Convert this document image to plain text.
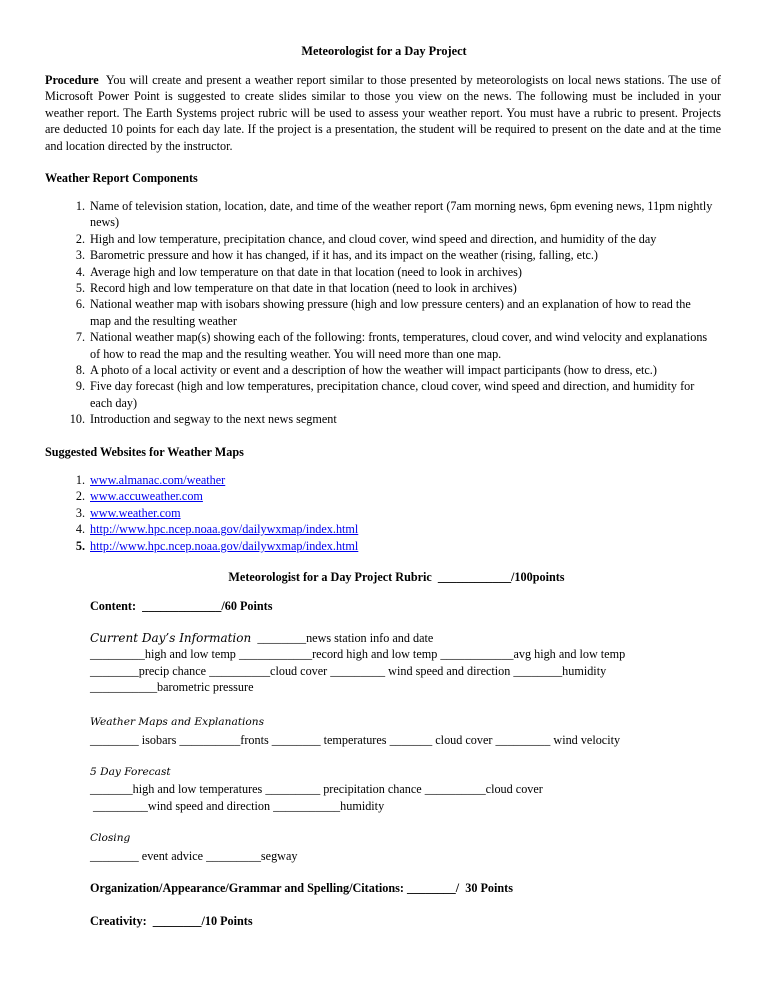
Meteorologist for a Day Project
Procedure You will create and present a weather report similar to those presented by meteorologists on local news stations. The use of Microsoft Power Point is suggested to create slides similar to those you view on the news. The following must be included in your weather report. The Earth Systems project rubric will be used to assess your weather report. You must have a rubric to present. Projects are deducted 10 points for each day late. If the project is a presentation, the student will be required to present on the date and at the time and location directed by the instructor.
Weather Report Components
1. Name of television station, location, date, and time of the weather report (7am morning news, 6pm evening news, 11pm nightly news)
2. High and low temperature, precipitation chance, and cloud cover, wind speed and direction, and humidity of the day
3. Barometric pressure and how it has changed, if it has, and its impact on the weather (rising, falling, etc.)
4. Average high and low temperature on that date in that location (need to look in archives)
5. Record high and low temperature on that date in that location (need to look in archives)
6. National weather map with isobars showing pressure (high and low pressure centers) and an explanation of how to read the map and the resulting weather
7. National weather map(s) showing each of the following: fronts, temperatures, cloud cover, and wind velocity and explanations of how to read the map and the resulting weather. You will need more than one map.
8. A photo of a local activity or event and a description of how the weather will impact participants (how to dress, etc.)
9. Five day forecast (high and low temperatures, precipitation chance, cloud cover, wind speed and direction, and humidity for each day)
10. Introduction and segway to the next news segment
Suggested Websites for Weather Maps
1. www.almanac.com/weather
2. www.accuweather.com
3. www.weather.com
4. http://www.hpc.ncep.noaa.gov/dailywxmap/index.html
5. http://www.hpc.ncep.noaa.gov/dailywxmap/index.html
Meteorologist for a Day Project Rubric  ____________/100points
Content:  _____________/60 Points
Current Day’s Information  ________news station info and date
_________high and low temp ____________record high and low temp ____________avg high and low temp
________precip chance __________cloud cover _________ wind speed and direction ________humidity
___________barometric pressure
Weather Maps and Explanations
________ isobars __________fronts ________ temperatures _______ cloud cover _________ wind velocity
5 Day Forecast
_______high and low temperatures _________ precipitation chance __________cloud cover
_________wind speed and direction ___________humidity
Closing
________ event advice _________segway
Organization/Appearance/Grammar and Spelling/Citations: ________/  30 Points
Creativity:  ________/10 Points
